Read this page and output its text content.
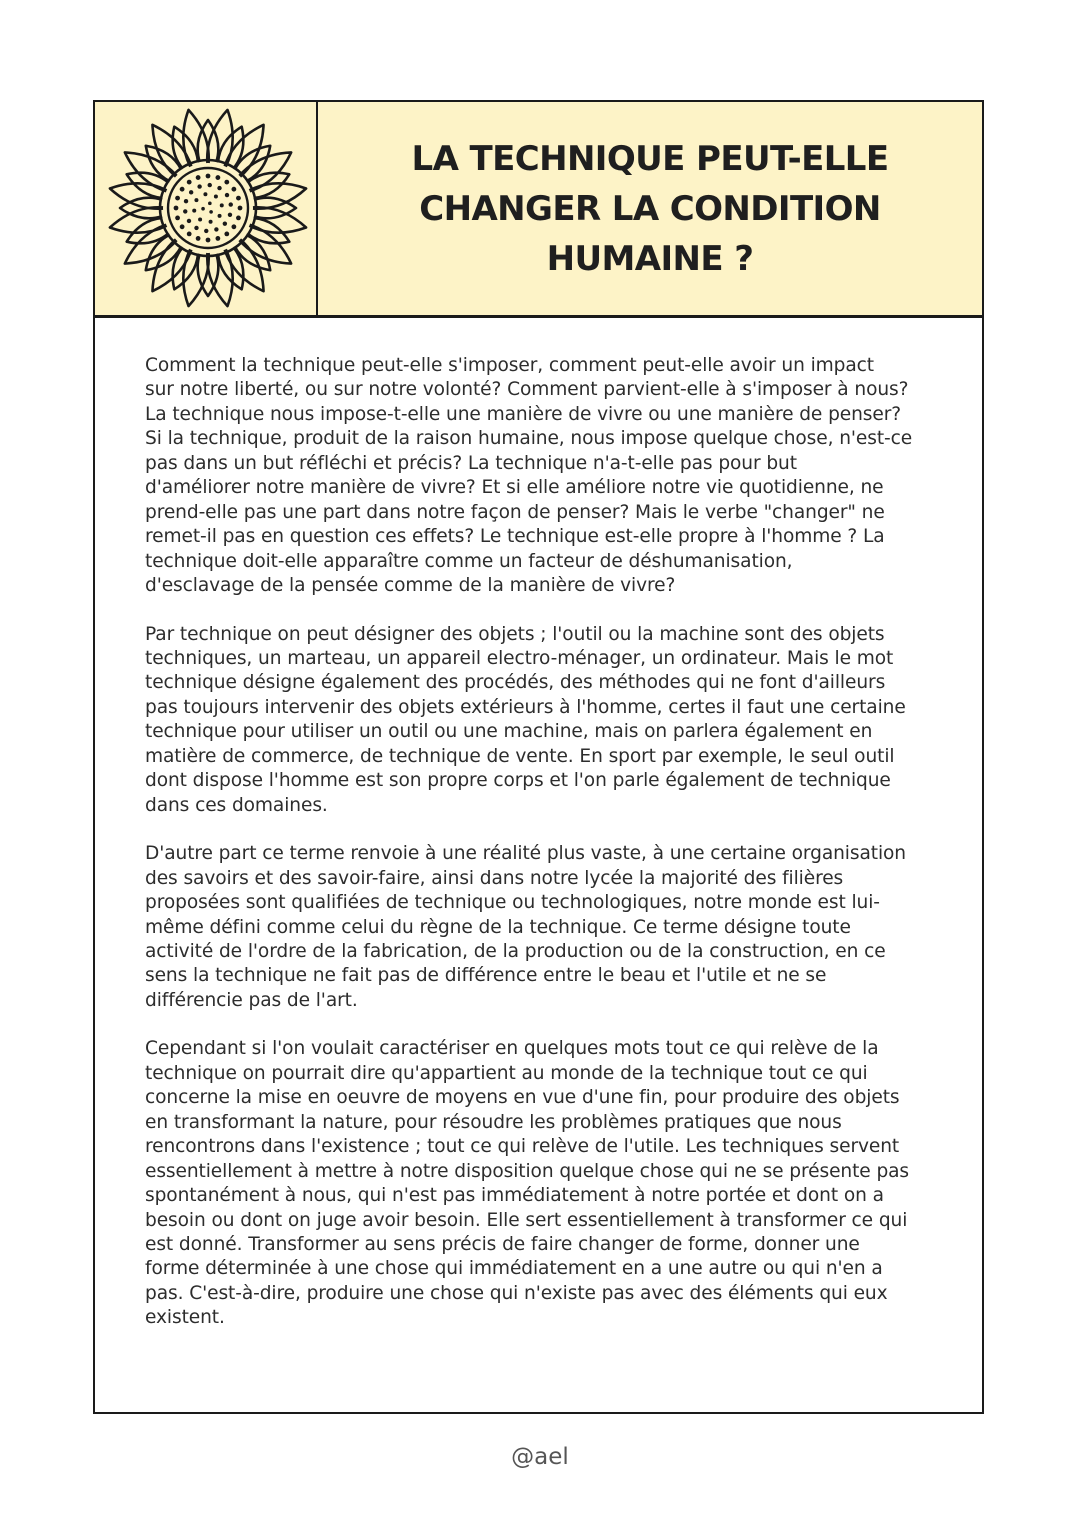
LA TECHNIQUE PEUT-ELLE
CHANGER LA CONDITION
HUMAINE ?

Comment la technique peut-elle s'imposer, comment peut-elle avoir un impact
sur notre liberté, ou sur notre volonté? Comment parvient-elle à s'imposer à nous?
La technique nous impose-t-elle une manière de vivre ou une manière de penser?
Si la technique, produit de la raison humaine, nous impose quelque chose, n'est-ce
pas dans un but réfléchi et précis? La technique n'a-t-elle pas pour but
d'améliorer notre manière de vivre? Et si elle améliore notre vie quotidienne, ne
prend-elle pas une part dans notre façon de penser? Mais le verbe "changer" ne
remet-il pas en question ces effets? Le technique est-elle propre à l'homme ? La
technique doit-elle apparaître comme un facteur de déshumanisation,
d'esclavage de la pensée comme de la manière de vivre?

Par technique on peut désigner des objets ; l'outil ou la machine sont des objets
techniques, un marteau, un appareil electro-ménager, un ordinateur. Mais le mot
technique désigne également des procédés, des méthodes qui ne font d'ailleurs
pas toujours intervenir des objets extérieurs à l'homme, certes il faut une certaine
technique pour utiliser un outil ou une machine, mais on parlera également en
matière de commerce, de technique de vente. En sport par exemple, le seul outil
dont dispose l'homme est son propre corps et l'on parle également de technique
dans ces domaines.

D'autre part ce terme renvoie à une réalité plus vaste, à une certaine organisation
des savoirs et des savoir-faire, ainsi dans notre lycée la majorité des filières
proposées sont qualifiées de technique ou technologiques, notre monde est lui-
même défini comme celui du règne de la technique. Ce terme désigne toute
activité de l'ordre de la fabrication, de la production ou de la construction, en ce
sens la technique ne fait pas de différence entre le beau et l'utile et ne se
différencie pas de l'art.

Cependant si l'on voulait caractériser en quelques mots tout ce qui relève de la
technique on pourrait dire qu'appartient au monde de la technique tout ce qui
concerne la mise en oeuvre de moyens en vue d'une fin, pour produire des objets
en transformant la nature, pour résoudre les problèmes pratiques que nous
rencontrons dans l'existence ; tout ce qui relève de l'utile. Les techniques servent
essentiellement à mettre à notre disposition quelque chose qui ne se présente pas
spontanément à nous, qui n'est pas immédiatement à notre portée et dont on a
besoin ou dont on juge avoir besoin. Elle sert essentiellement à transformer ce qui
est donné. Transformer au sens précis de faire changer de forme, donner une
forme déterminée à une chose qui immédiatement en a une autre ou qui n'en a
pas. C'est-à-dire, produire une chose qui n'existe pas avec des éléments qui eux
existent.

@ael
